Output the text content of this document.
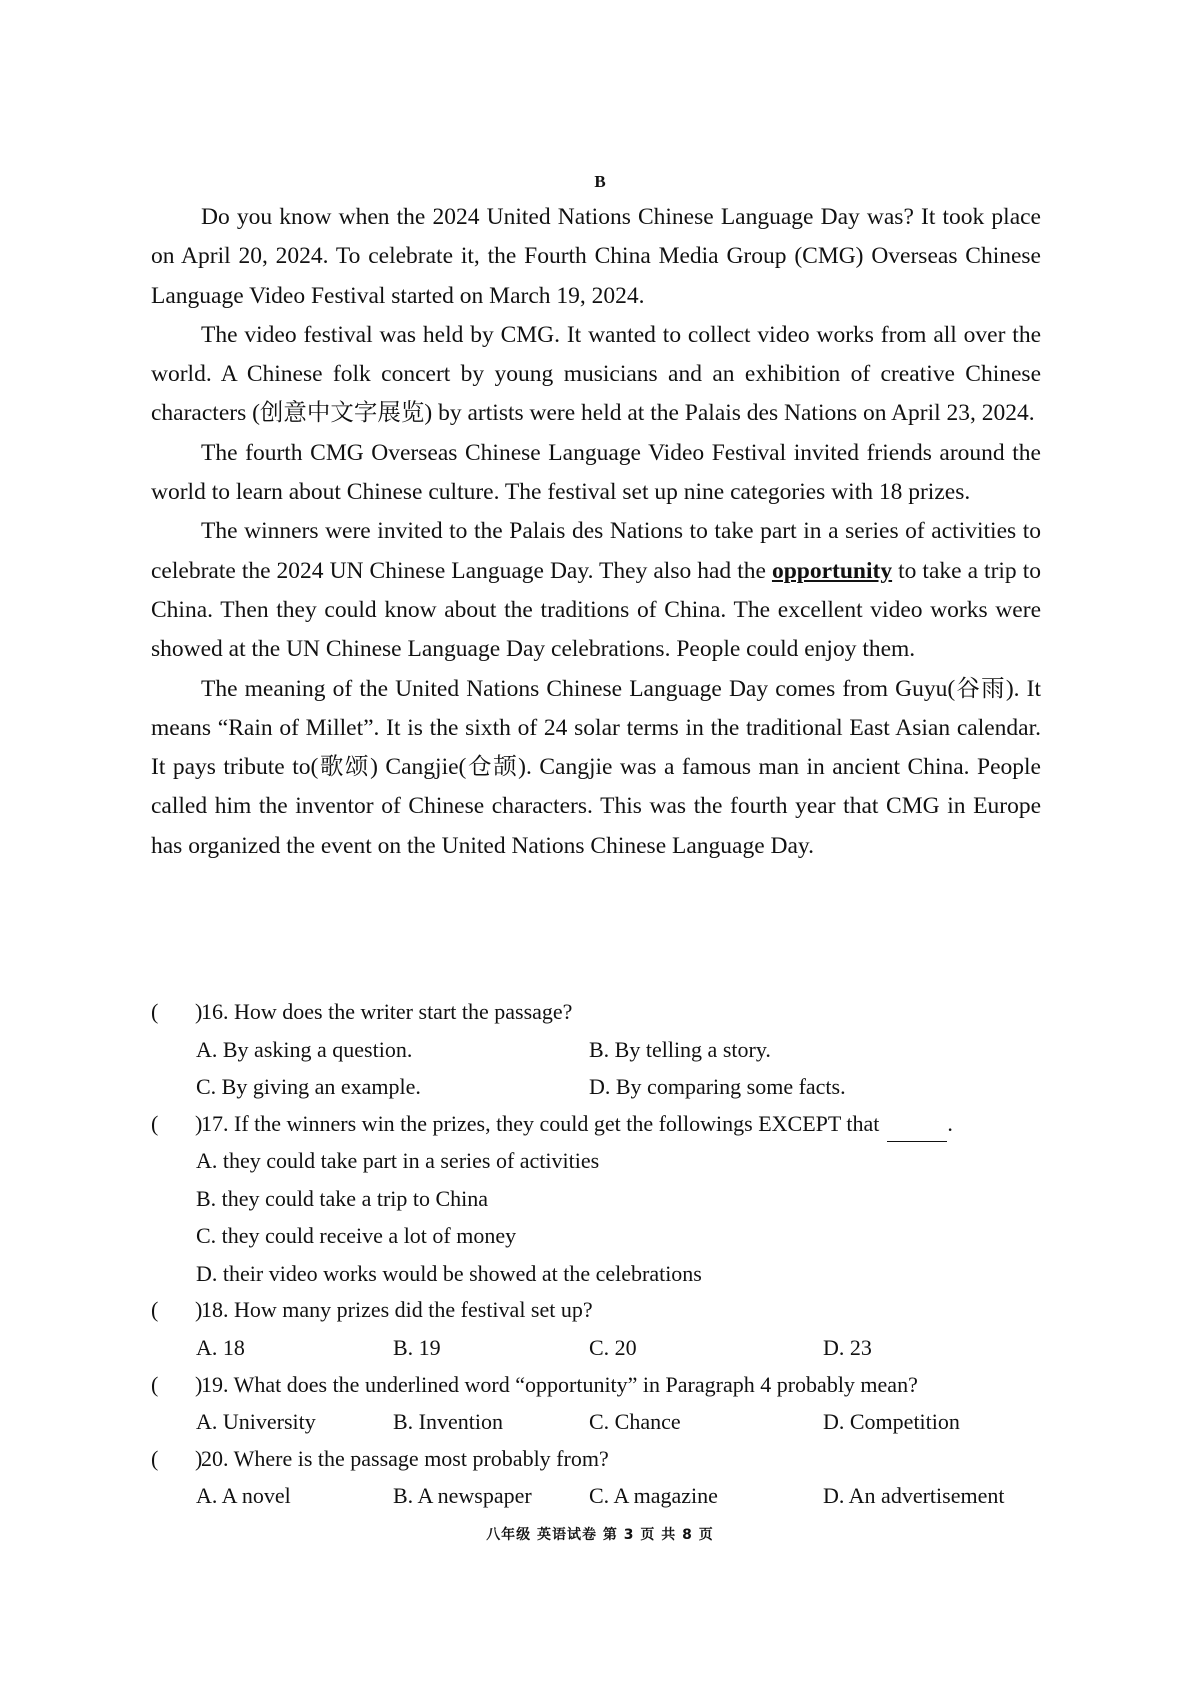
B

Do you know when the 2024 United Nations Chinese Language Day was? It took place on April 20, 2024. To celebrate it, the Fourth China Media Group (CMG) Overseas Chinese Language Video Festival started on March 19, 2024.

The video festival was held by CMG. It wanted to collect video works from all over the world. A Chinese folk concert by young musicians and an exhibition of creative Chinese characters (创意中文字展览) by artists were held at the Palais des Nations on April 23, 2024.

The fourth CMG Overseas Chinese Language Video Festival invited friends around the world to learn about Chinese culture. The festival set up nine categories with 18 prizes.

The winners were invited to the Palais des Nations to take part in a series of activities to celebrate the 2024 UN Chinese Language Day. They also had the opportunity to take a trip to China. Then they could know about the traditions of China. The excellent video works were showed at the UN Chinese Language Day celebrations. People could enjoy them.

The meaning of the United Nations Chinese Language Day comes from Guyu(谷雨). It means “Rain of Millet”. It is the sixth of 24 solar terms in the traditional East Asian calendar. It pays tribute to(歌颂) Cangjie(仓颉). Cangjie was a famous man in ancient China. People called him the inventor of Chinese characters. This was the fourth year that CMG in Europe has organized the event on the United Nations Chinese Language Day.

( )
16. How does the writer start the passage?
A. By asking a question.	B. By telling a story.
C. By giving an example.	D. By comparing some facts.
( )
17. If the winners win the prizes, they could get the followings EXCEPT that	.
A. they could take part in a series of activities
B. they could take a trip to China
C. they could receive a lot of money
D. their video works would be showed at the celebrations
( )
18. How many prizes did the festival set up?
A. 18	B. 19	C. 20	D. 23
( )
19. What does the underlined word “opportunity” in Paragraph 4 probably mean?
A. University	B. Invention	C. Chance	D. Competition
( )
20. Where is the passage most probably from?
A. A novel	B. A newspaper	C. A magazine	D. An advertisement
八年级 英语试卷 第 3 页 共 8 页
